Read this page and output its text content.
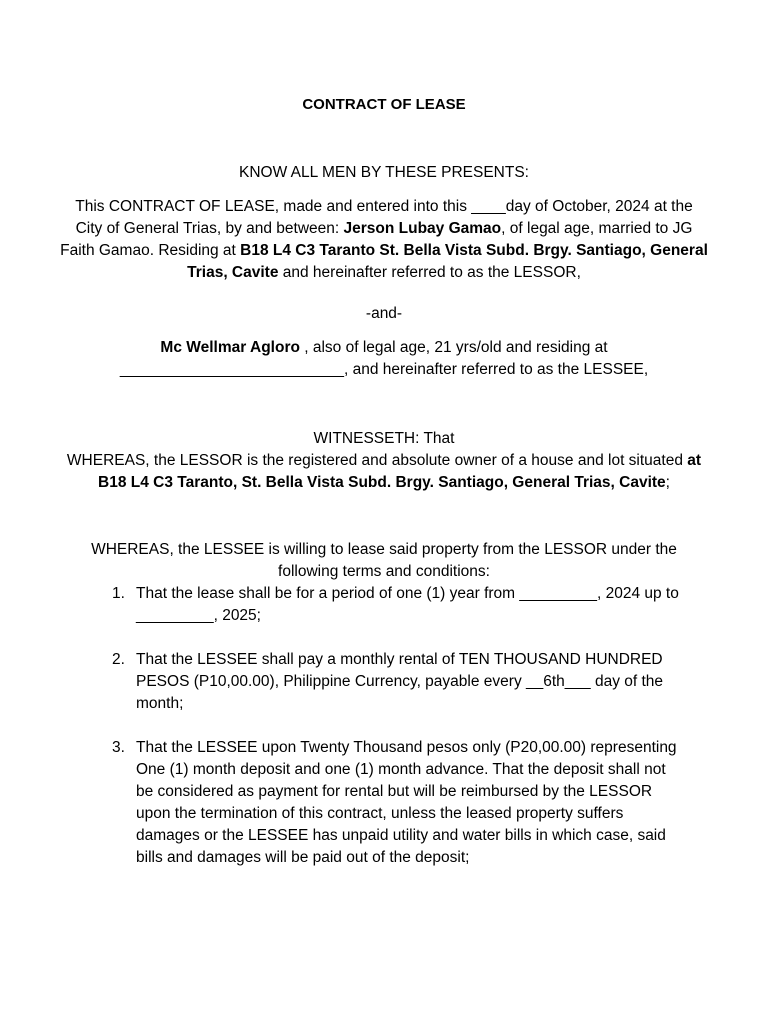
CONTRACT OF LEASE
KNOW ALL MEN BY THESE PRESENTS:
This CONTRACT OF LEASE, made and entered into this ____day of October, 2024 at the City of General Trias, by and between: Jerson Lubay Gamao, of legal age, married to JG Faith Gamao. Residing at B18 L4 C3 Taranto St. Bella Vista Subd. Brgy. Santiago, General Trias, Cavite and hereinafter referred to as the LESSOR,
-and-
Mc Wellmar Agloro , also of legal age, 21 yrs/old and residing at
__________________________, and hereinafter referred to as the LESSEE,
WITNESSETH: That
WHEREAS, the LESSOR is the registered and absolute owner of a house and lot situated at B18 L4 C3 Taranto, St. Bella Vista Subd. Brgy. Santiago, General Trias, Cavite;
WHEREAS, the LESSEE is willing to lease said property from the LESSOR under the following terms and conditions:
1. That the lease shall be for a period of one (1) year from _________, 2024 up to _________, 2025;
2. That the LESSEE shall pay a monthly rental of TEN THOUSAND HUNDRED PESOS (P10,00.00), Philippine Currency, payable every __6th___ day of the month;
3. That the LESSEE upon Twenty Thousand pesos only (P20,00.00) representing One (1) month deposit and one (1) month advance. That the deposit shall not be considered as payment for rental but will be reimbursed by the LESSOR upon the termination of this contract, unless the leased property suffers damages or the LESSEE has unpaid utility and water bills in which case, said bills and damages will be paid out of the deposit;
